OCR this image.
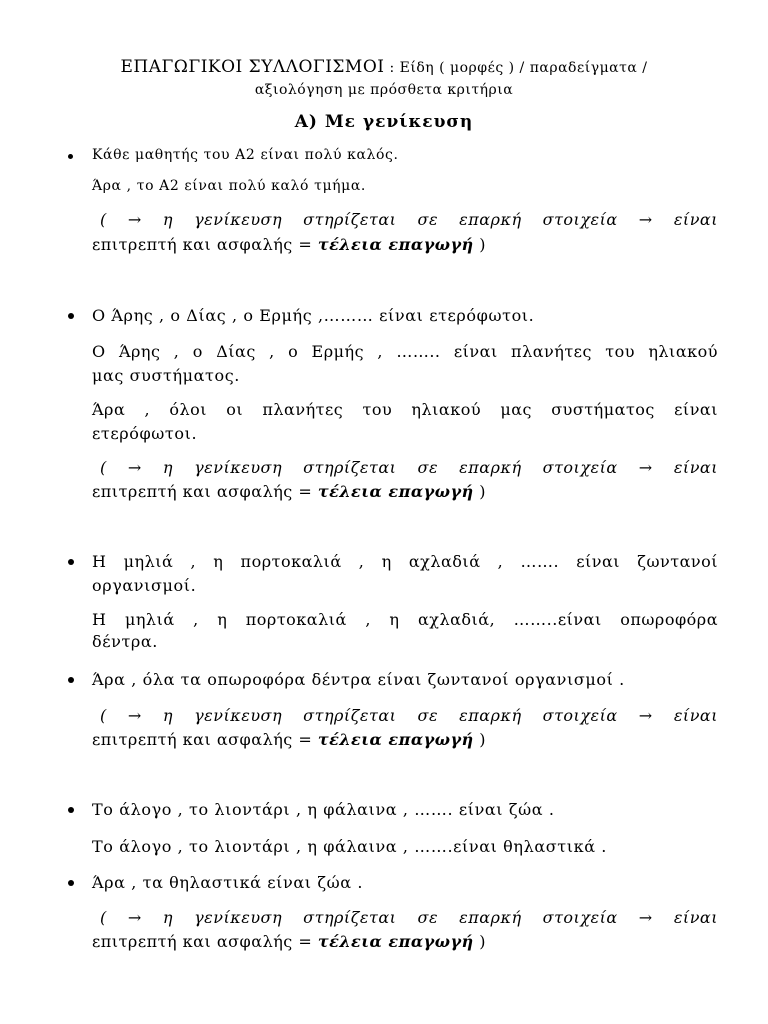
ΕΠΑΓΩΓΙΚΟΙ ΣΥΛΛΟΓΙΣΜΟΙ : Είδη ( μορφές ) / παραδείγματα /
αξιολόγηση με πρόσθετα κριτήρια
Α) Με γενίκευση
Κάθε μαθητής του Α2 είναι πολύ καλός.
Άρα , το Α2 είναι πολύ καλό τμήμα.
( → η γενίκευση στηρίζεται σε επαρκή στοιχεία → είναι
επιτρεπτή και ασφαλής = τέλεια επαγωγή )
Ο Άρης , ο Δίας , ο Ερμής ,……… είναι ετερόφωτοι.
Ο Άρης , ο Δίας , ο Ερμής , …….. είναι πλανήτες του ηλιακού
μας συστήματος.
Άρα , όλοι οι πλανήτες του ηλιακού μας συστήματος είναι
ετερόφωτοι.
( → η γενίκευση στηρίζεται σε επαρκή στοιχεία → είναι
επιτρεπτή και ασφαλής = τέλεια επαγωγή )
Η μηλιά , η πορτοκαλιά , η αχλαδιά , ……. είναι ζωντανοί
οργανισμοί.
Η μηλιά , η πορτοκαλιά , η αχλαδιά, ……..είναι οπωροφόρα
δέντρα.
Άρα , όλα τα οπωροφόρα δέντρα είναι ζωντανοί οργανισμοί .
( → η γενίκευση στηρίζεται σε επαρκή στοιχεία → είναι
επιτρεπτή και ασφαλής = τέλεια επαγωγή )
Το άλογο , το λιοντάρι , η φάλαινα , ……. είναι ζώα .
Το άλογο , το λιοντάρι , η φάλαινα , …….είναι θηλαστικά .
Άρα , τα θηλαστικά είναι ζώα .
( → η γενίκευση στηρίζεται σε επαρκή στοιχεία → είναι
επιτρεπτή και ασφαλής = τέλεια επαγωγή )
